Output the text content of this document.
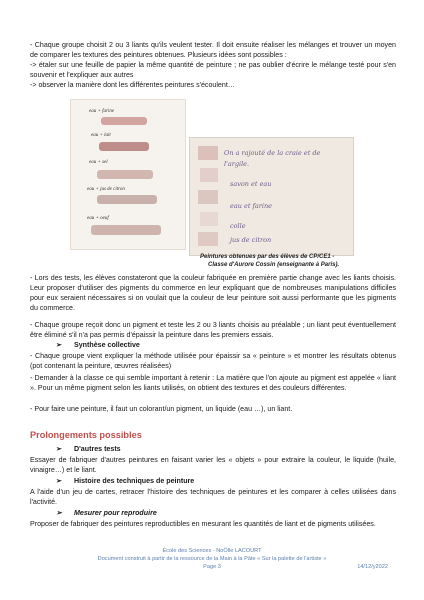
- Chaque groupe choisit 2 ou 3 liants qu'ils veulent tester. Il doit ensuite réaliser les mélanges et trouver un moyen de comparer les textures des peintures obtenues. Plusieurs idées sont possibles :
-> étaler sur une feuille de papier la même quantité de peinture ; ne pas oublier d'écrire le mélange testé pour s'en souvenir et l'expliquer aux autres
-> observer la manière dont les différentes peintures s'écoulent…
eau + farine
eau + lait
eau + sel
eau + jus de citron
eau + oeuf
On a rajouté de la craie et de
l'argile.
savon et eau
eau et farine
colle
jus de citron
Peintures obtenues par des élèves de CP/CE1 -
Classe d'Aurore Cossin (enseignante à Paris).
- Lors des tests, les élèves constateront que la couleur fabriquée en première partie change avec les liants choisis. Leur proposer d'utiliser des pigments du commerce en leur expliquant que de nombreuses manipulations difficiles pour eux seraient nécessaires si on voulait que la couleur de leur peinture soit aussi performante que les pigments du commerce.
- Chaque groupe reçoit donc un pigment et teste les 2 ou 3 liants choisis au préalable ; un liant peut éventuellement être éliminé s'il n'a pas permis d'épaissir la peinture dans les premiers essais.
➢ Synthèse collective
- Chaque groupe vient expliquer la méthode utilisée pour épaissir sa « peinture » et montrer les résultats obtenus (pot contenant la peinture, œuvres réalisées)
- Demander à la classe ce qui semble important à retenir : La matière que l'on ajoute au pigment est appelée « liant ». Pour un même pigment selon les liants utilisés, on obtient des textures et des couleurs différentes.
- Pour faire une peinture, il faut un colorant/un pigment, un liquide (eau …), un liant.
Prolongements possibles
➢ D'autres tests
Essayer de fabriquer d'autres peintures en faisant varier les « objets » pour extraire la couleur, le liquide (huile, vinaigre…) et le liant.
➢ Histoire des techniques de peinture
A l'aide d'un jeu de cartes, retracer l'histoire des techniques de peintures et les comparer à celles utilisées dans l'activité.
➢ Mesurer pour reproduire
Proposer de fabriquer des peintures reproductibles en mesurant les quantités de liant et de pigments utilisées.
École des Sciences - NoÖlle LACOURT
Document construit à partir de la ressource de la Main à la Pâte « Sur la palette de l'artiste »
Page 3	14/12/y2022
